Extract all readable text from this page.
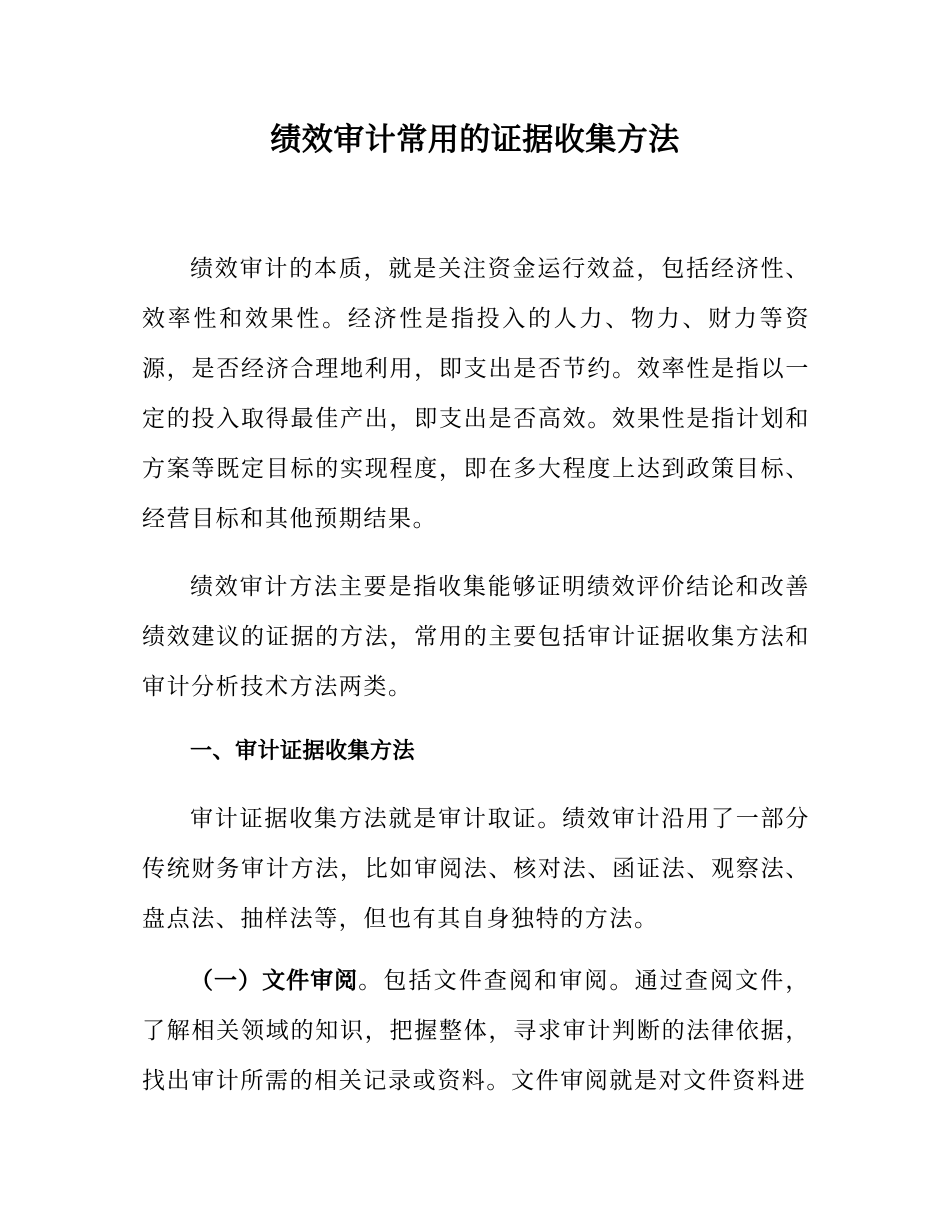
绩效审计常用的证据收集方法

绩效审计的本质，就是关注资金运行效益，包括经济性、效率性和效果性。经济性是指投入的人力、物力、财力等资源，是否经济合理地利用，即支出是否节约。效率性是指以一定的投入取得最佳产出，即支出是否高效。效果性是指计划和方案等既定目标的实现程度，即在多大程度上达到政策目标、经营目标和其他预期结果。

绩效审计方法主要是指收集能够证明绩效评价结论和改善绩效建议的证据的方法，常用的主要包括审计证据收集方法和审计分析技术方法两类。

一、审计证据收集方法

审计证据收集方法就是审计取证。绩效审计沿用了一部分传统财务审计方法，比如审阅法、核对法、函证法、观察法、盘点法、抽样法等，但也有其自身独特的方法。

（一）文件审阅。包括文件查阅和审阅。通过查阅文件，了解相关领域的知识，把握整体，寻求审计判断的法律依据，找出审计所需的相关记录或资料。文件审阅就是对文件资料进
